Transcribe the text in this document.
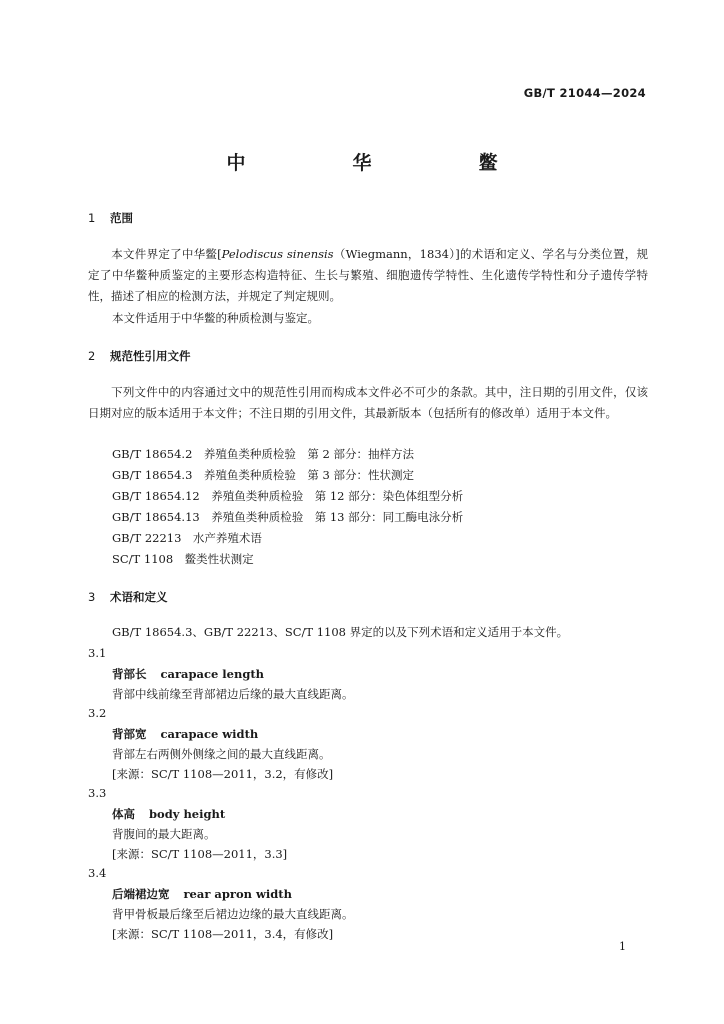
GB/T 21044—2024
中　华　鳖
1 范围
本文件界定了中华鳖[Pelodiscus sinensis（Wiegmann，1834）]的术语和定义、学名与分类位置，规定了中华鳖种质鉴定的主要形态构造特征、生长与繁殖、细胞遗传学特性、生化遗传学特性和分子遗传学特性，描述了相应的检测方法，并规定了判定规则。
本文件适用于中华鳖的种质检测与鉴定。
2 规范性引用文件
下列文件中的内容通过文中的规范性引用而构成本文件必不可少的条款。其中，注日期的引用文件，仅该日期对应的版本适用于本文件；不注日期的引用文件，其最新版本（包括所有的修改单）适用于本文件。
GB/T 18654.2　养殖鱼类种质检验　第 2 部分：抽样方法
GB/T 18654.3　养殖鱼类种质检验　第 3 部分：性状测定
GB/T 18654.12　养殖鱼类种质检验　第 12 部分：染色体组型分析
GB/T 18654.13　养殖鱼类种质检验　第 13 部分：同工酶电泳分析
GB/T 22213　水产养殖术语
SC/T 1108　鳖类性状测定
3 术语和定义
GB/T 18654.3、GB/T 22213、SC/T 1108 界定的以及下列术语和定义适用于本文件。
3.1
背部长 carapace length
背部中线前缘至背部裙边后缘的最大直线距离。
3.2
背部宽 carapace width
背部左右两侧外侧缘之间的最大直线距离。
[来源：SC/T 1108—2011，3.2，有修改]
3.3
体高 body height
背腹间的最大距离。
[来源：SC/T 1108—2011，3.3]
3.4
后端裙边宽 rear apron width
背甲骨板最后缘至后裙边边缘的最大直线距离。
[来源：SC/T 1108—2011，3.4，有修改]
1
